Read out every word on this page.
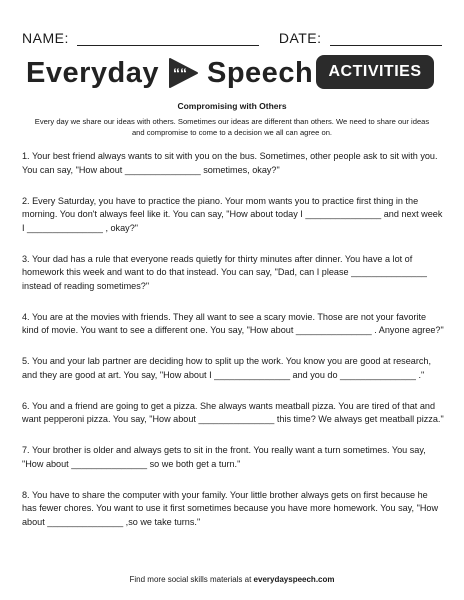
NAME:	DATE:
Everyday ““ Speech ACTIVITIES
Compromising with Others
Every day we share our ideas with others. Sometimes our ideas are different than others. We need to share our ideas and compromise to come to a decision we all can agree on.

1. Your best friend always wants to sit with you on the bus. Sometimes, other people ask to sit with you. You can say, "How about _______________ sometimes, okay?"

2. Every Saturday, you have to practice the piano. Your mom wants you to practice first thing in the morning. You don't always feel like it. You can say, "How about today I _______________ and next week I _______________ , okay?"

3. Your dad has a rule that everyone reads quietly for thirty minutes after dinner. You have a lot of homework this week and want to do that instead. You can say, "Dad, can I please _______________ instead of reading sometimes?"

4. You are at the movies with friends. They all want to see a scary movie. Those are not your favorite kind of movie. You want to see a different one. You say, "How about _______________ . Anyone agree?"

5. You and your lab partner are deciding how to split up the work. You know you are good at research, and they are good at art. You say, "How about I _______________ and you do _______________ ."

6. You and a friend are going to get a pizza. She always wants meatball pizza. You are tired of that and want pepperoni pizza. You say, "How about _______________ this time? We always get meatball pizza."

7. Your brother is older and always gets to sit in the front. You really want a turn sometimes. You say, "How about _______________ so we both get a turn."

8. You have to share the computer with your family. Your little brother always gets on first because he has fewer chores. You want to use it first sometimes because you have more homework. You say, "How about _______________ ,so we take turns."

Find more social skills materials at everydayspeech.com
